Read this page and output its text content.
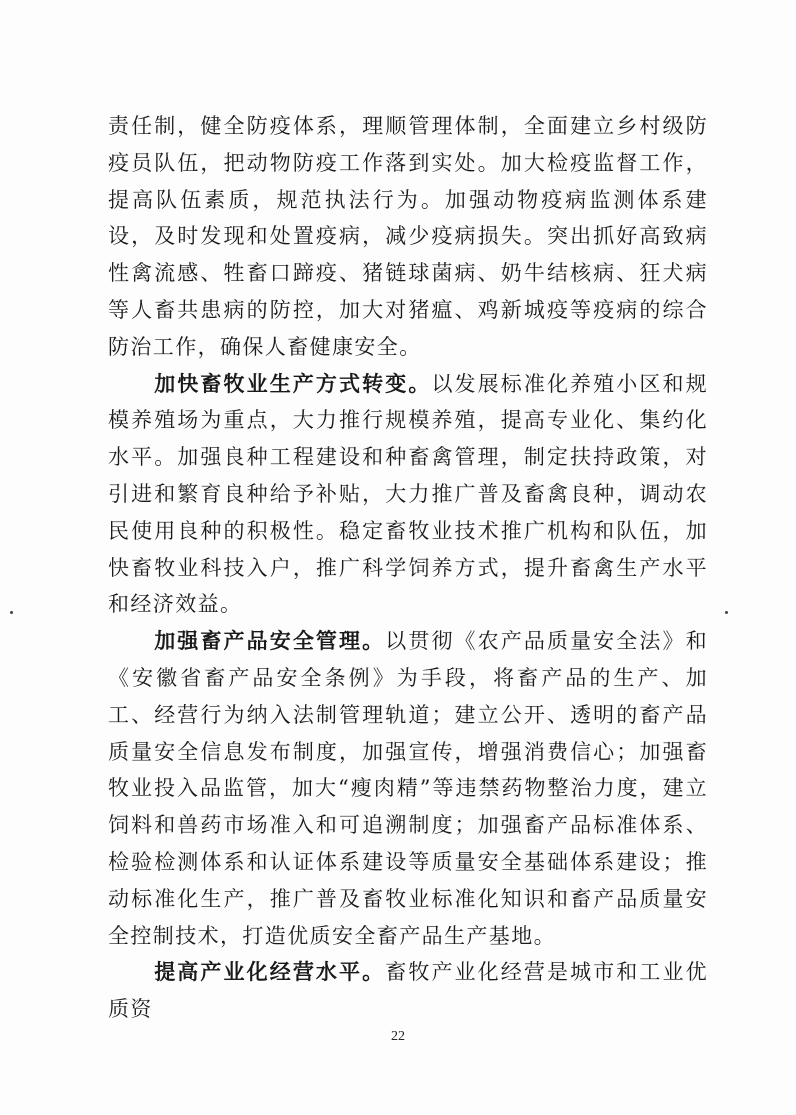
责任制，健全防疫体系，理顺管理体制，全面建立乡村级防疫员队伍，把动物防疫工作落到实处。加大检疫监督工作，提高队伍素质，规范执法行为。加强动物疫病监测体系建设，及时发现和处置疫病，减少疫病损失。突出抓好高致病性禽流感、牲畜口蹄疫、猪链球菌病、奶牛结核病、狂犬病等人畜共患病的防控，加大对猪瘟、鸡新城疫等疫病的综合防治工作，确保人畜健康安全。

加快畜牧业生产方式转变。以发展标准化养殖小区和规模养殖场为重点，大力推行规模养殖，提高专业化、集约化水平。加强良种工程建设和种畜禽管理，制定扶持政策，对引进和繁育良种给予补贴，大力推广普及畜禽良种，调动农民使用良种的积极性。稳定畜牧业技术推广机构和队伍，加快畜牧业科技入户，推广科学饲养方式，提升畜禽生产水平和经济效益。

加强畜产品安全管理。以贯彻《农产品质量安全法》和《安徽省畜产品安全条例》为手段，将畜产品的生产、加工、经营行为纳入法制管理轨道；建立公开、透明的畜产品质量安全信息发布制度，加强宣传，增强消费信心；加强畜牧业投入品监管，加大“瘦肉精”等违禁药物整治力度，建立饲料和兽药市场准入和可追溯制度；加强畜产品标准体系、检验检测体系和认证体系建设等质量安全基础体系建设；推动标准化生产，推广普及畜牧业标准化知识和畜产品质量安全控制技术，打造优质安全畜产品生产基地。

提高产业化经营水平。畜牧产业化经营是城市和工业优质资

22
